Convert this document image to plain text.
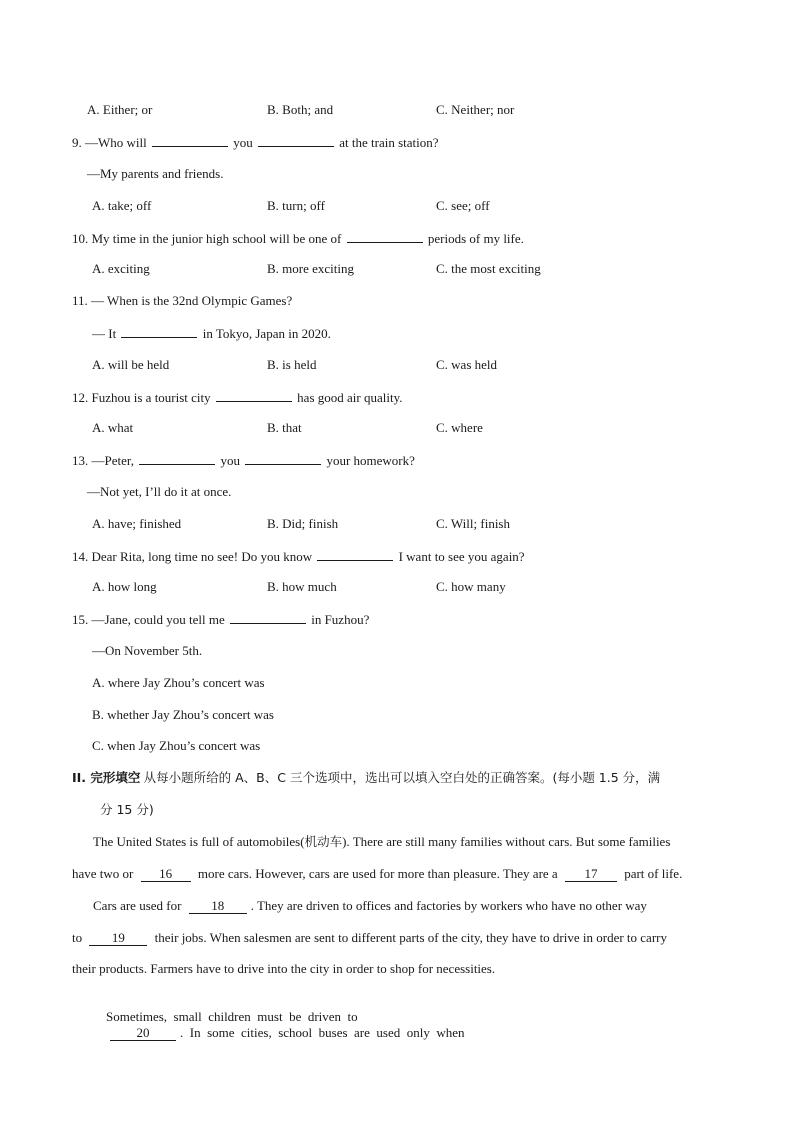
A. Either; or	B. Both; and	C. Neither; nor
9. —Who will	you	at the train station?
—My parents and friends.
A. take; off	B. turn; off	C. see; off
10. My time in the junior high school will be one of	periods of my life.
A. exciting	B. more exciting	C. the most exciting
11. — When is the 32nd Olympic Games?
— It	in Tokyo, Japan in 2020.
A. will be held	B. is held	C. was held
12. Fuzhou is a tourist city	has good air quality.
A. what	B. that	C. where
13. —Peter,	you	your homework?
—Not yet, I’ll do it at once.
A. have; finished	B. Did; finish	C. Will; finish
14. Dear Rita, long time no see! Do you know	I want to see you again?
A. how long	B. how much	C. how many
15. —Jane, could you tell me	in Fuzhou?
—On November 5th.
A. where Jay Zhou’s concert was
B. whether Jay Zhou’s concert was
C. when Jay Zhou’s concert was
II. 完形填空 从每小题所给的 A、B、C 三个选项中，选出可以填入空白处的正确答案。(每小题 1.5 分，满
分 15 分)
The United States is full of automobiles(机动车). There are still many families without cars. But some families
have two or 16 more cars. However, cars are used for more than pleasure. They are a 17 part of life.
Cars are used for 18 . They are driven to offices and factories by workers who have no other way
to 19 their jobs. When salesmen are sent to different parts of the city, they have to drive in order to carry
their products. Farmers have to drive into the city in order to shop for necessities.

Sometimes,  small  children  must  be  driven  to
20 .  In  some  cities,  school  buses  are  used  only  when
